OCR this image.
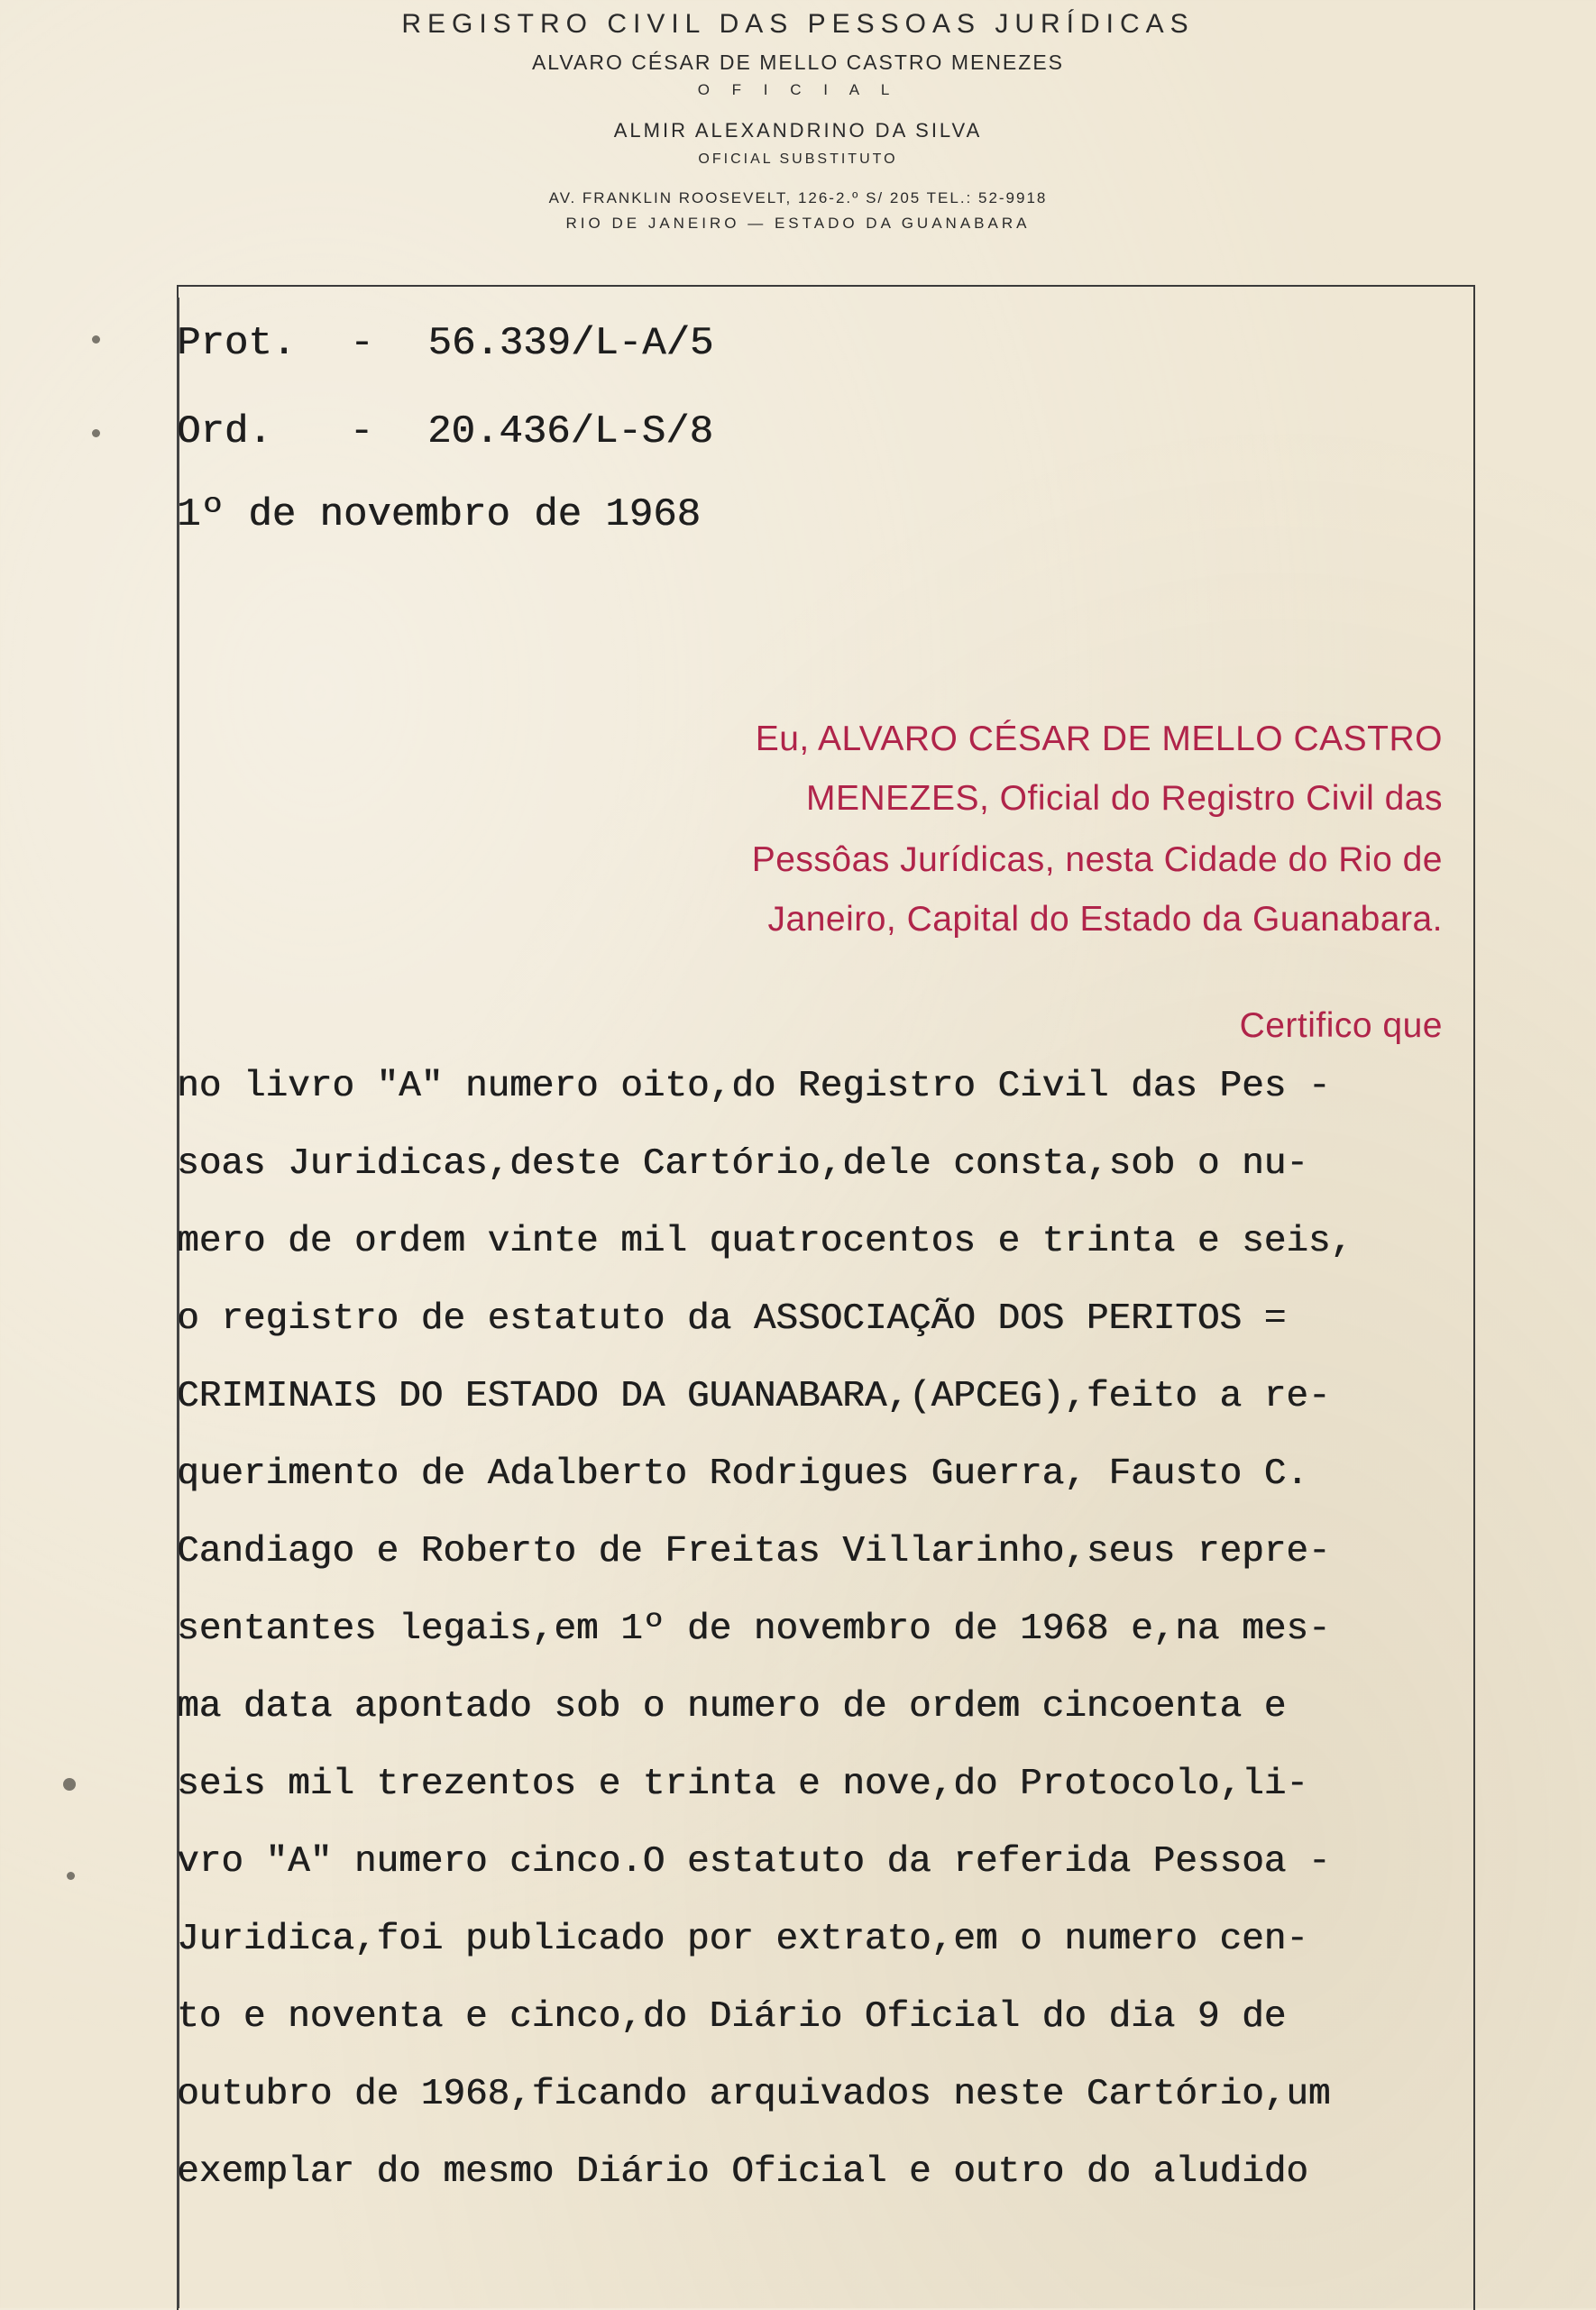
REGISTRO CIVIL DAS PESSOAS JURÍDICAS
ALVARO CÉSAR DE MELLO CASTRO MENEZES
O F I C I A L
ALMIR ALEXANDRINO DA SILVA
OFICIAL SUBSTITUTO
AV. FRANKLIN ROOSEVELT, 126-2.º S/ 205 TEL.: 52-9918
RIO DE JANEIRO — ESTADO DA GUANABARA
Prot. - 56.339/L-A/5
Ord. - 20.436/L-S/8
1º de novembro de 1968
Eu, ALVARO CÉSAR DE MELLO CASTRO
MENEZES, Oficial do Registro Civil das
Pessôas Jurídicas, nesta Cidade do Rio de
Janeiro, Capital do Estado da Guanabara.
Certifico que
no livro "A" numero oito,do Registro Civil das Pes -
soas Juridicas,deste Cartório,dele consta,sob o nu-
mero de ordem vinte mil quatrocentos e trinta e seis,
o registro de estatuto da ASSOCIAÇÃO DOS PERITOS =
CRIMINAIS DO ESTADO DA GUANABARA,(APCEG),feito a re-
querimento de Adalberto Rodrigues Guerra, Fausto C.
Candiago e Roberto de Freitas Villarinho,seus repre-
sentantes legais,em 1º de novembro de 1968 e,na mes-
ma data apontado sob o numero de ordem cincoenta e
seis mil trezentos e trinta e nove,do Protocolo,li-
vro "A" numero cinco.O estatuto da referida Pessoa -
Juridica,foi publicado por extrato,em o numero cen-
to e noventa e cinco,do Diário Oficial do dia 9 de
outubro de 1968,ficando arquivados neste Cartório,um
exemplar do mesmo Diário Oficial e outro do aludido
